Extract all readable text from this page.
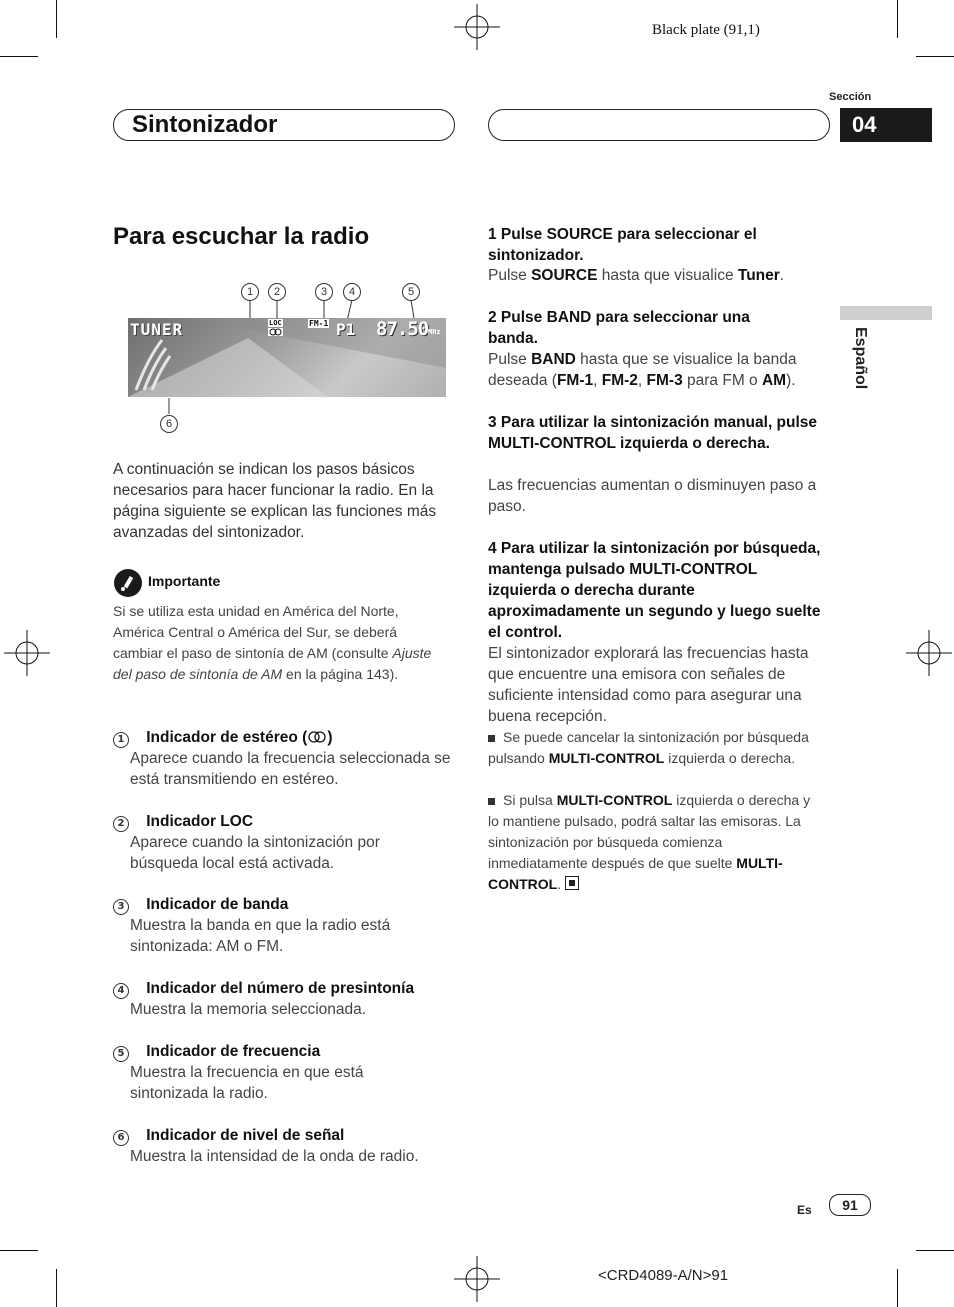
Black plate (91,1)
Sintonizador
Sección
04
Español
Para escuchar la radio
1	2	3	4	5
6
TUNER	LOC	FM-1 P1 87.50 MHz
A continuación se indican los pasos básicos necesarios para hacer funcionar la radio. En la página siguiente se explican las funciones más avanzadas del sintonizador.
Importante
Si se utiliza esta unidad en América del Norte, América Central o América del Sur, se deberá cambiar el paso de sintonía de AM (consulte Ajuste del paso de sintonía de AM en la página 143).
1 Indicador de estéreo ( )
Aparece cuando la frecuencia seleccionada se está transmitiendo en estéreo.
2 Indicador LOC
Aparece cuando la sintonización por búsqueda local está activada.
3 Indicador de banda
Muestra la banda en que la radio está sintonizada: AM o FM.
4 Indicador del número de presintonía
Muestra la memoria seleccionada.
5 Indicador de frecuencia
Muestra la frecuencia en que está sintonizada la radio.
6 Indicador de nivel de señal
Muestra la intensidad de la onda de radio.
1 Pulse SOURCE para seleccionar el sintonizador.
Pulse SOURCE hasta que visualice Tuner.
2 Pulse BAND para seleccionar una banda.
Pulse BAND hasta que se visualice la banda deseada (FM-1, FM-2, FM-3 para FM o AM).
3 Para utilizar la sintonización manual, pulse MULTI-CONTROL izquierda o derecha.
Las frecuencias aumentan o disminuyen paso a paso.
4 Para utilizar la sintonización por búsqueda, mantenga pulsado MULTI-CONTROL izquierda o derecha durante aproximadamente un segundo y luego suelte el control.
El sintonizador explorará las frecuencias hasta que encuentre una emisora con señales de suficiente intensidad como para asegurar una buena recepción.
Se puede cancelar la sintonización por búsqueda pulsando MULTI-CONTROL izquierda o derecha.
Si pulsa MULTI-CONTROL izquierda o derecha y lo mantiene pulsado, podrá saltar las emisoras. La sintonización por búsqueda comienza inmediatamente después de que suelte MULTI-CONTROL.
Es	91
<CRD4089-A/N>91
